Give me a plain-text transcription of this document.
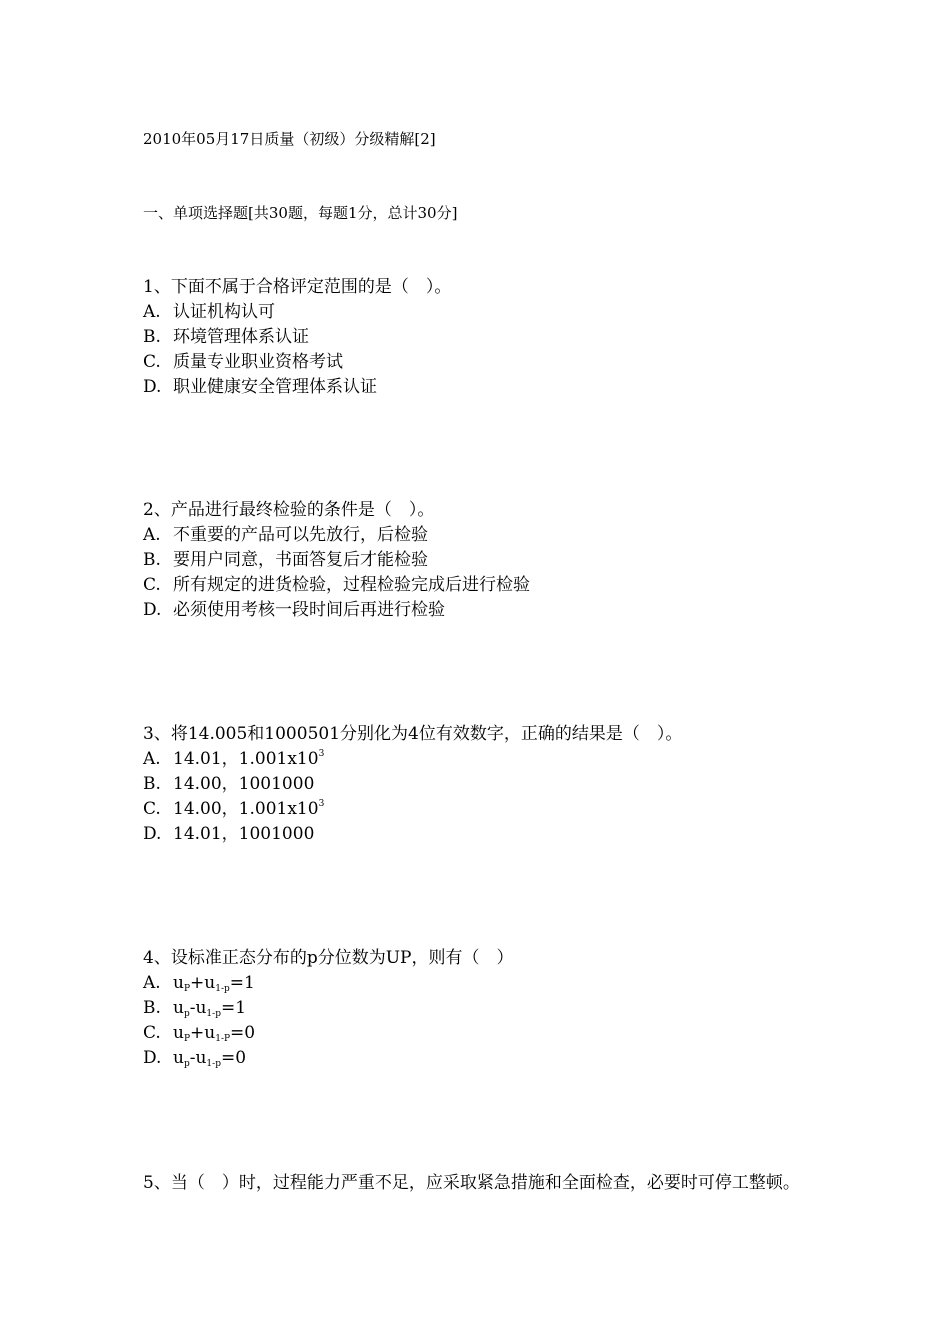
2010年05月17日质量（初级）分级精解[2]
一、单项选择题[共30题，每题1分，总计30分]
1、下面不属于合格评定范围的是（　）。
A. 认证机构认可
B. 环境管理体系认证
C. 质量专业职业资格考试
D. 职业健康安全管理体系认证
2、产品进行最终检验的条件是（　）。
A. 不重要的产品可以先放行，后检验
B. 要用户同意，书面答复后才能检验
C. 所有规定的进货检验，过程检验完成后进行检验
D. 必须使用考核一段时间后再进行检验
3、将14.005和1000501分别化为4位有效数字，正确的结果是（　）。
A. 14.01，$1.001x10^3$
B. 14.00，1001000
C. 14.00，$1.001x10^3$
D. 14.01，1001000
4、设标准正态分布的p分位数为UP，则有（　）
A. $u_P+u_{1-p}=1$
B. $u_p-u_{1-p}=1$
C. $u_P+u_{1-P}=0$
D. $u_p-u_{1-p}=0$
5、当（　）时，过程能力严重不足，应采取紧急措施和全面检查，必要时可停工整顿。
